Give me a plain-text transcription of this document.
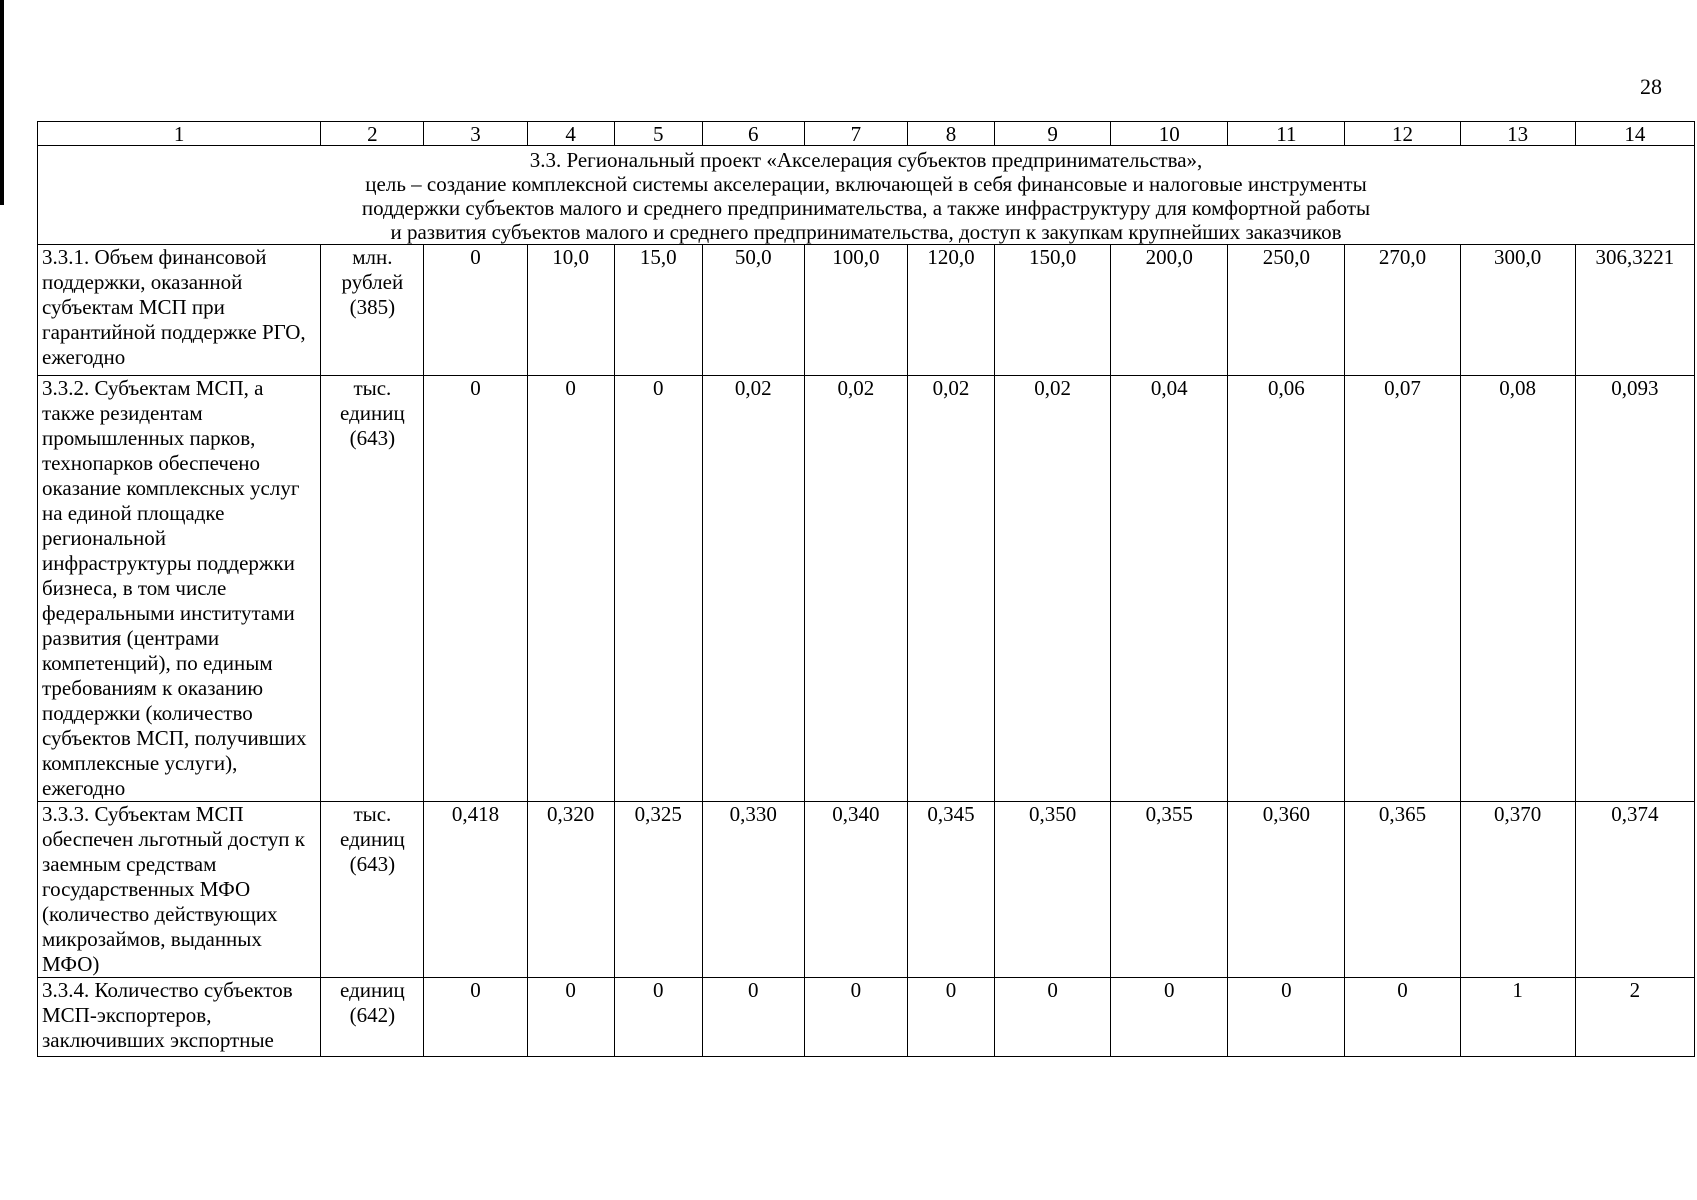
28
1	2	3	4	5	6	7	8	9	10	11	12	13	14

3.3. Региональный проект «Акселерация субъектов предпринимательства»,
цель – создание комплексной системы акселерации, включающей в себя финансовые и налоговые инструменты
поддержки субъектов малого и среднего предпринимательства, а также инфраструктуру для комфортной работы
и развития субъектов малого и среднего предпринимательства, доступ к закупкам крупнейших заказчиков													

3.3.1. Объем финансовой поддержки, оказанной субъектам МСП при гарантийной поддержке РГО, ежегодно	млн. рублей (385)	0	10,0	15,0	50,0	100,0	120,0	150,0	200,0	250,0	270,0	300,0	306,3221
3.3.2. Субъектам МСП, а также резидентам промышленных парков, технопарков обеспечено оказание комплексных услуг на единой площадке региональной инфраструктуры поддержки бизнеса, в том числе федеральными институтами развития (центрами компетенций), по единым требованиям к оказанию поддержки (количество субъектов МСП, получивших комплексные услуги), ежегодно	тыс. единиц (643)	0	0	0	0,02	0,02	0,02	0,02	0,04	0,06	0,07	0,08	0,093
3.3.3. Субъектам МСП обеспечен льготный доступ к заемным средствам государственных МФО (количество действующих микрозаймов, выданных МФО)	тыс. единиц (643)	0,418	0,320	0,325	0,330	0,340	0,345	0,350	0,355	0,360	0,365	0,370	0,374
3.3.4. Количество субъектов МСП-экспортеров, заключивших экспортные	единиц (642)	0	0	0	0	0	0	0	0	0	0	1	2
